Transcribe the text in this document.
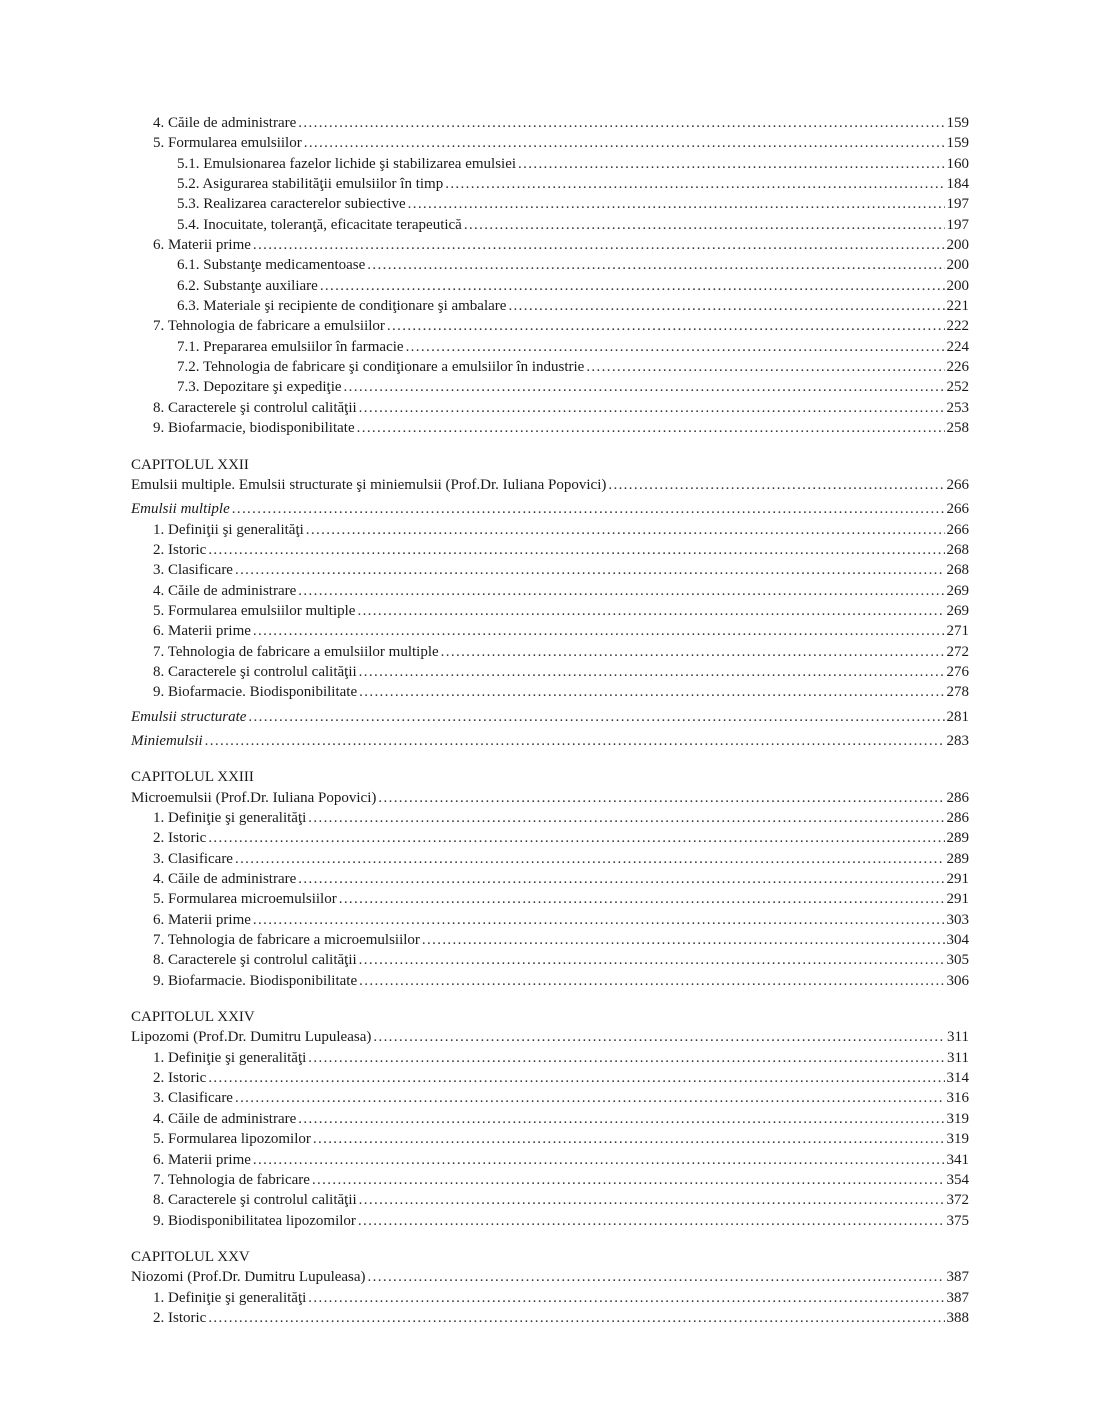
4. Căile de administrare . . .	159
5. Formularea emulsiilor . . .	159
5.1. Emulsionarea fazelor lichide şi stabilizarea emulsiei . . .	160
5.2. Asigurarea stabilităţii emulsiilor în timp . . .	184
5.3. Realizarea caracterelor subiective . . .	197
5.4. Inocuitate, toleranţă, eficacitate terapeutică . . .	197
6. Materii prime . . .	200
6.1. Substanţe medicamentoase . . .	200
6.2. Substanţe auxiliare . . .	200
6.3. Materiale şi recipiente de condiţionare şi ambalare . . .	221
7. Tehnologia de fabricare a emulsiilor . . .	222
7.1. Prepararea emulsiilor în farmacie . . .	224
7.2. Tehnologia de fabricare şi condiţionare a emulsiilor în industrie . . .	226
7.3. Depozitare şi expediţie . . .	252
8. Caracterele şi controlul calităţii . . .	253
9. Biofarmacie, biodisponibilitate . . .	258
CAPITOLUL XXII
Emulsii multiple. Emulsii structurate şi miniemulsii (Prof.Dr. Iuliana Popovici) . . .	266
Emulsii multiple . . .	266
1. Definiţii şi generalităţi . . .	266
2. Istoric . . .	268
3. Clasificare . . .	268
4. Căile de administrare . . .	269
5. Formularea emulsiilor multiple . . .	269
6. Materii prime . . .	271
7. Tehnologia de fabricare a emulsiilor multiple . . .	272
8. Caracterele şi controlul calităţii . . .	276
9. Biofarmacie. Biodisponibilitate . . .	278
Emulsii structurate . . .	281
Miniemulsii . . .	283
CAPITOLUL XXIII
Microemulsii (Prof.Dr. Iuliana Popovici) . . .	286
1. Definiţie şi generalităţi . . .	286
2. Istoric . . .	289
3. Clasificare . . .	289
4. Căile de administrare . . .	291
5. Formularea microemulsiilor . . .	291
6. Materii prime . . .	303
7. Tehnologia de fabricare a microemulsiilor . . .	304
8. Caracterele şi controlul calităţii . . .	305
9. Biofarmacie. Biodisponibilitate . . .	306
CAPITOLUL XXIV
Lipozomi (Prof.Dr. Dumitru Lupuleasa) . . .	311
1. Definiţie şi generalităţi . . .	311
2. Istoric . . .	314
3. Clasificare . . .	316
4. Căile de administrare . . .	319
5. Formularea lipozomilor . . .	319
6. Materii prime . . .	341
7. Tehnologia de fabricare . . .	354
8. Caracterele şi controlul calităţii . . .	372
9. Biodisponibilitatea lipozomilor . . .	375
CAPITOLUL XXV
Niozomi (Prof.Dr. Dumitru Lupuleasa) . . .	387
1. Definiţie şi generalităţi . . .	387
2. Istoric . . .	388
